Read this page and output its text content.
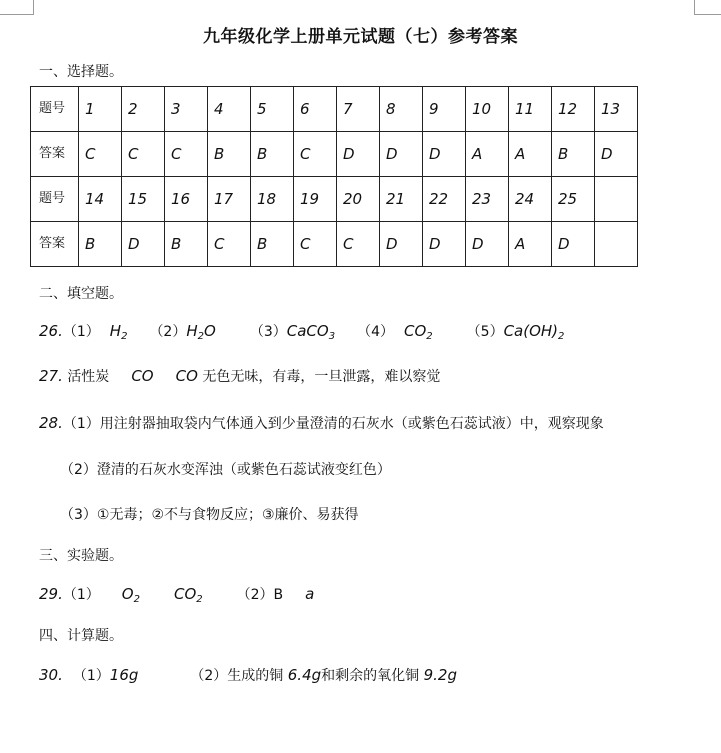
九年级化学上册单元试题（七）参考答案
一、选择题。
题号	1	2	3	4	5	6	7	8	9	10	11	12	13
答案	C	C	C	B	B	C	D	D	D	A	A	B	D
题号	14	15	16	17	18	19	20	21	22	23	24	25	
答案	B	D	B	C	B	C	C	D	D	D	A	D	
二、填空题。
26.（1） $H_2$ $(2)H_2O$ （3）CaCO$_3$ （4） $CO_2$ $(5)Ca(OH)_2$
27. 活性炭 CO CO 无色无味，有毒，一旦泄露，难以察觉
28.（1）用注射器抽取袋内气体通入到少量澄清的石灰水（或紫色石蕊试液）中，观察现象
（2）澄清的石灰水变浑浊（或紫色石蕊试液变红色）
（3）①无毒；②不与食物反应；③廉价、易获得
三、实验题。
29.（1） $O_2$ $CO_2$ （2）B a
四、计算题。
30. （1）16g	（2）生成的铜 6.4g和剩余的氧化铜 9.2g
